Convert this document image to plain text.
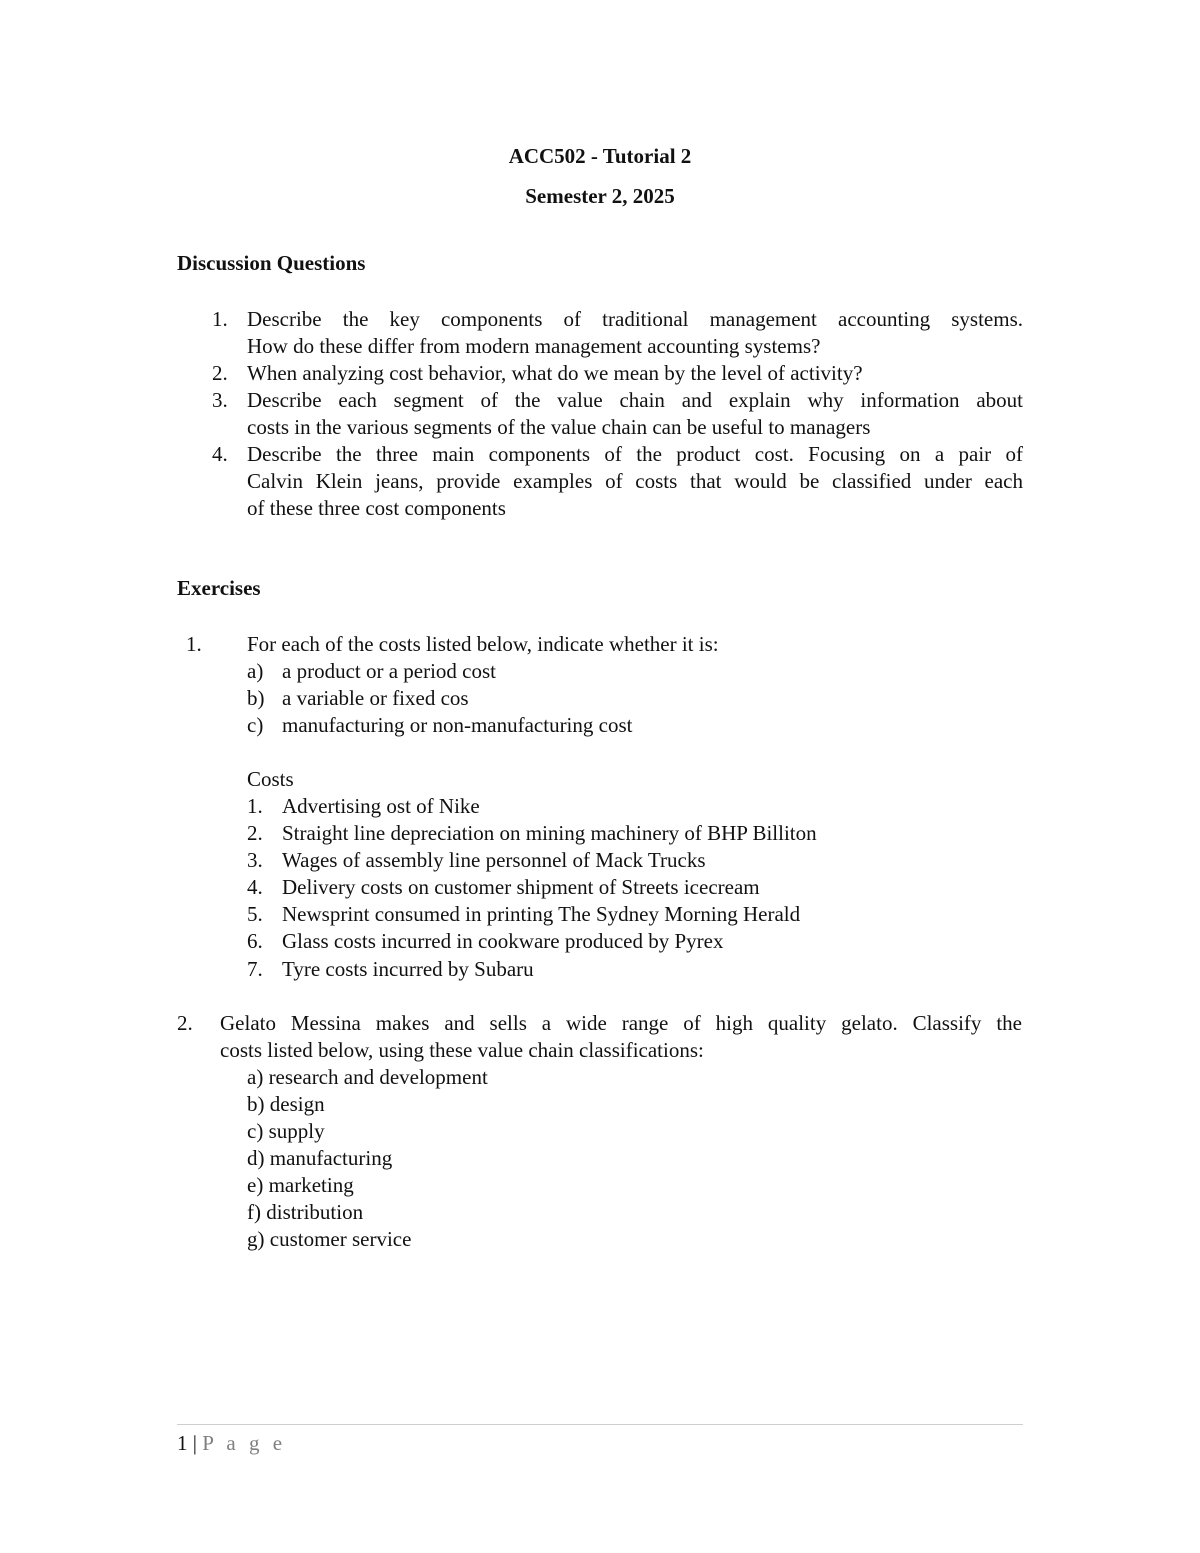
ACC502 - Tutorial 2
Semester 2, 2025
Discussion Questions
1. Describe the key components of traditional management accounting systems.
How do these differ from modern management accounting systems?
2. When analyzing cost behavior, what do we mean by the level of activity?
3. Describe each segment of the value chain and explain why information about
costs in the various segments of the value chain can be useful to managers
4. Describe the three main components of the product cost. Focusing on a pair of
Calvin Klein jeans, provide examples of costs that would be classified under each
of these three cost components
Exercises
1. For each of the costs listed below, indicate whether it is:
a) a product or a period cost
b) a variable or fixed cos
c) manufacturing or non-manufacturing cost
Costs
1. Advertising ost of Nike
2. Straight line depreciation on mining machinery of BHP Billiton
3. Wages of assembly line personnel of Mack Trucks
4. Delivery costs on customer shipment of Streets icecream
5. Newsprint consumed in printing The Sydney Morning Herald
6. Glass costs incurred in cookware produced by Pyrex
7. Tyre costs incurred by Subaru
2. Gelato Messina makes and sells a wide range of high quality gelato. Classify the
costs listed below, using these value chain classifications:
a) research and development
b) design
c) supply
d) manufacturing
e) marketing
f) distribution
g) customer service
1 | P a g e
